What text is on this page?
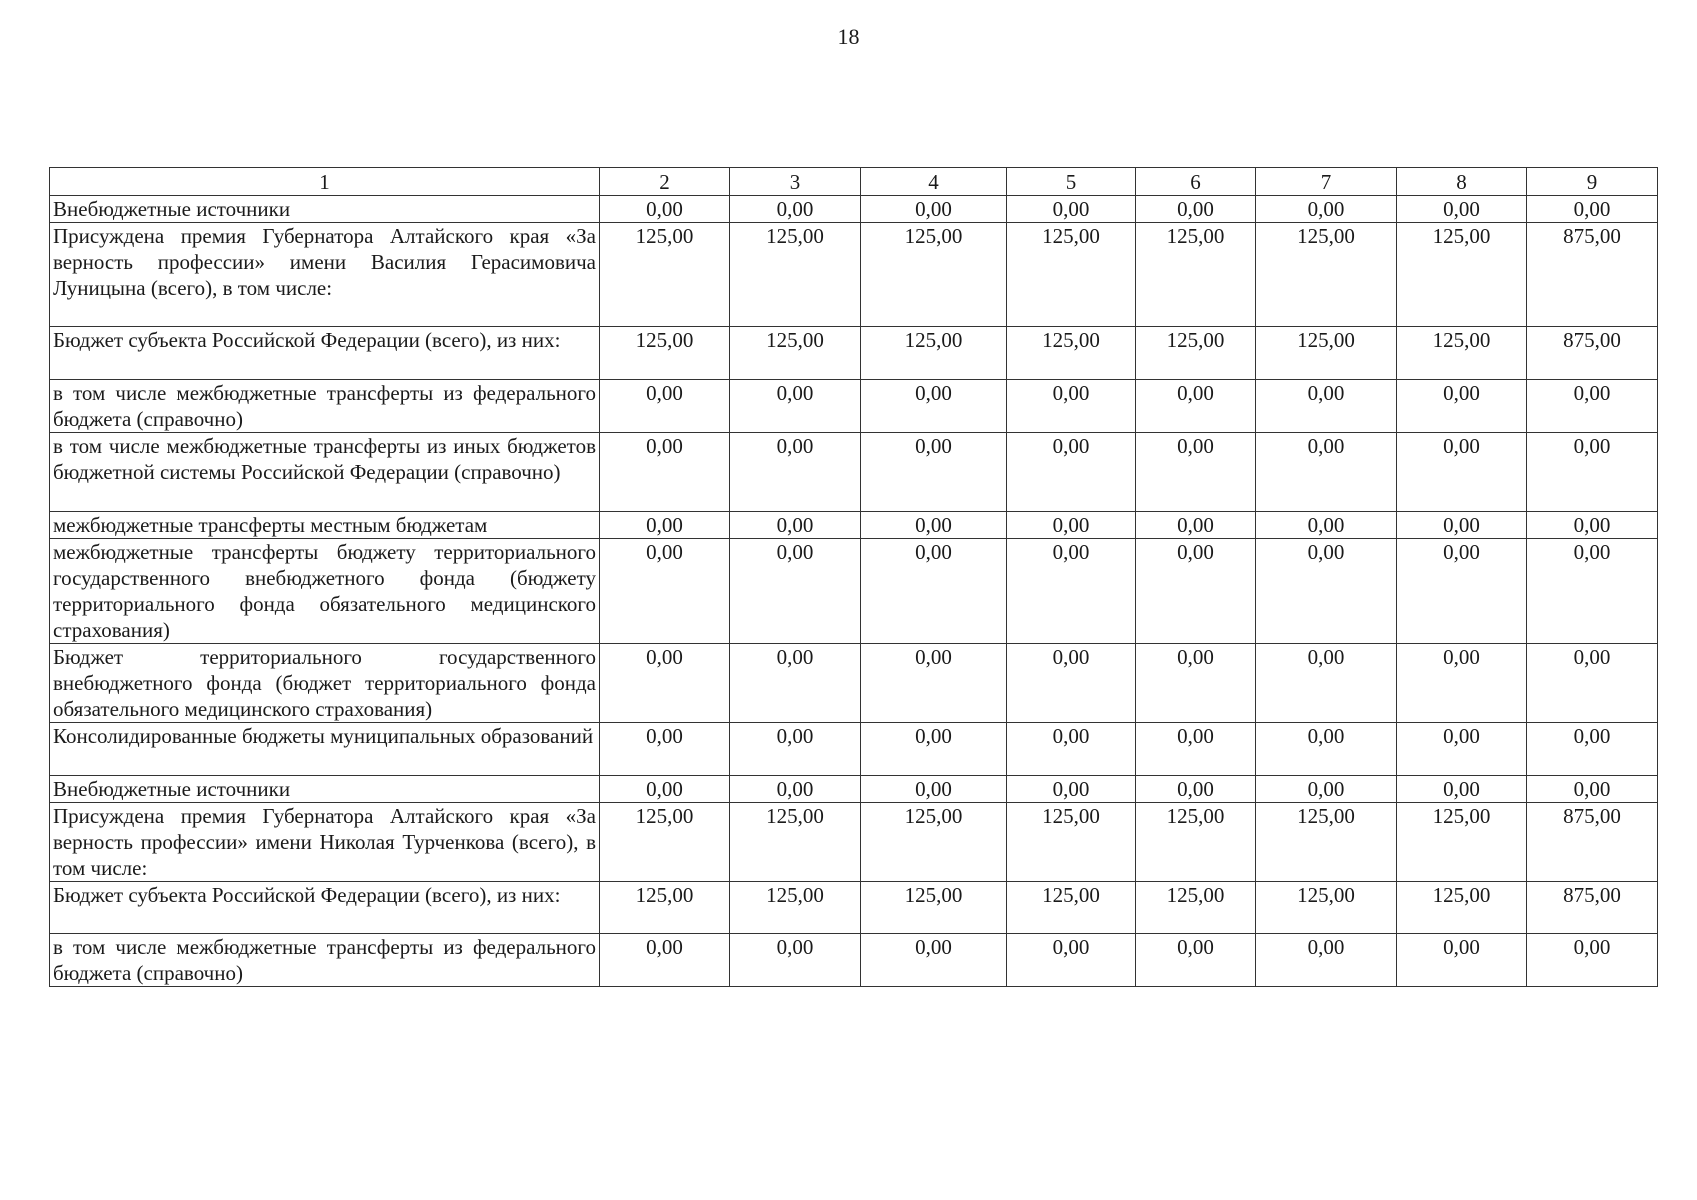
18
1	2	3	4	5	6	7	8	9
Внебюджетные источники	0,00	0,00	0,00	0,00	0,00	0,00	0,00	0,00
Присуждена премия Губернатора Алтайского края «За верность профессии» имени Василия Герасимовича Луницына (всего), в том числе:	125,00	125,00	125,00	125,00	125,00	125,00	125,00	875,00
Бюджет субъекта Российской Федерации (всего), из них:	125,00	125,00	125,00	125,00	125,00	125,00	125,00	875,00
в том числе межбюджетные трансферты из федерального бюджета (справочно)	0,00	0,00	0,00	0,00	0,00	0,00	0,00	0,00
в том числе межбюджетные трансферты из иных бюджетов бюджетной системы Российской Федерации (справочно)	0,00	0,00	0,00	0,00	0,00	0,00	0,00	0,00
межбюджетные трансферты местным бюджетам	0,00	0,00	0,00	0,00	0,00	0,00	0,00	0,00
межбюджетные трансферты бюджету территориального государственного внебюджетного фонда (бюджету территориального фонда обязательного медицинского страхования)	0,00	0,00	0,00	0,00	0,00	0,00	0,00	0,00
Бюджет территориального государственного внебюджетного фонда (бюджет территориального фонда обязательного медицинского страхования)	0,00	0,00	0,00	0,00	0,00	0,00	0,00	0,00
Консолидированные бюджеты муниципальных образований	0,00	0,00	0,00	0,00	0,00	0,00	0,00	0,00
Внебюджетные источники	0,00	0,00	0,00	0,00	0,00	0,00	0,00	0,00
Присуждена премия Губернатора Алтайского края «За верность профессии» имени Николая Турченкова (всего), в том числе:	125,00	125,00	125,00	125,00	125,00	125,00	125,00	875,00
Бюджет субъекта Российской Федерации (всего), из них:	125,00	125,00	125,00	125,00	125,00	125,00	125,00	875,00
в том числе межбюджетные трансферты из федерального бюджета (справочно)	0,00	0,00	0,00	0,00	0,00	0,00	0,00	0,00
